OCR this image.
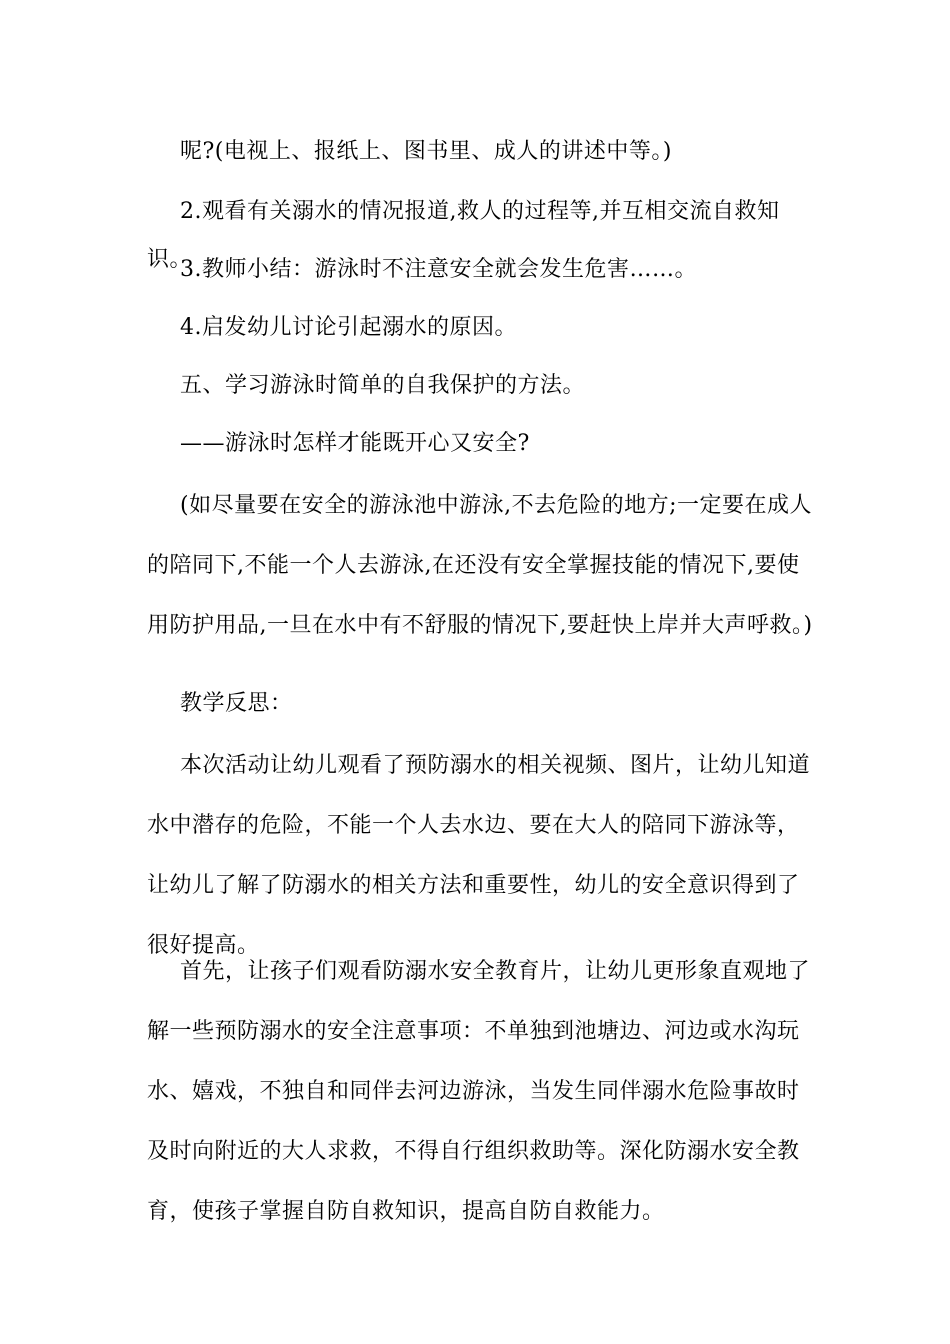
呢?(电视上、报纸上、图书里、成人的讲述中等。)

2.观看有关溺水的情况报道,救人的过程等,并互相交流自救知识。

3.教师小结：游泳时不注意安全就会发生危害……。

4.启发幼儿讨论引起溺水的原因。

五、学习游泳时简单的自我保护的方法。

——游泳时怎样才能既开心又安全?

(如尽量要在安全的游泳池中游泳,不去危险的地方;一定要在成人的陪同下,不能一个人去游泳,在还没有安全掌握技能的情况下,要使用防护用品,一旦在水中有不舒服的情况下,要赶快上岸并大声呼救。)

教学反思：

本次活动让幼儿观看了预防溺水的相关视频、图片，让幼儿知道水中潜存的危险，不能一个人去水边、要在大人的陪同下游泳等，让幼儿了解了防溺水的相关方法和重要性，幼儿的安全意识得到了很好提高。

首先，让孩子们观看防溺水安全教育片，让幼儿更形象直观地了解一些预防溺水的安全注意事项：不单独到池塘边、河边或水沟玩水、嬉戏，不独自和同伴去河边游泳，当发生同伴溺水危险事故时及时向附近的大人求救，不得自行组织救助等。深化防溺水安全教育，使孩子掌握自防自救知识，提高自防自救能力。
